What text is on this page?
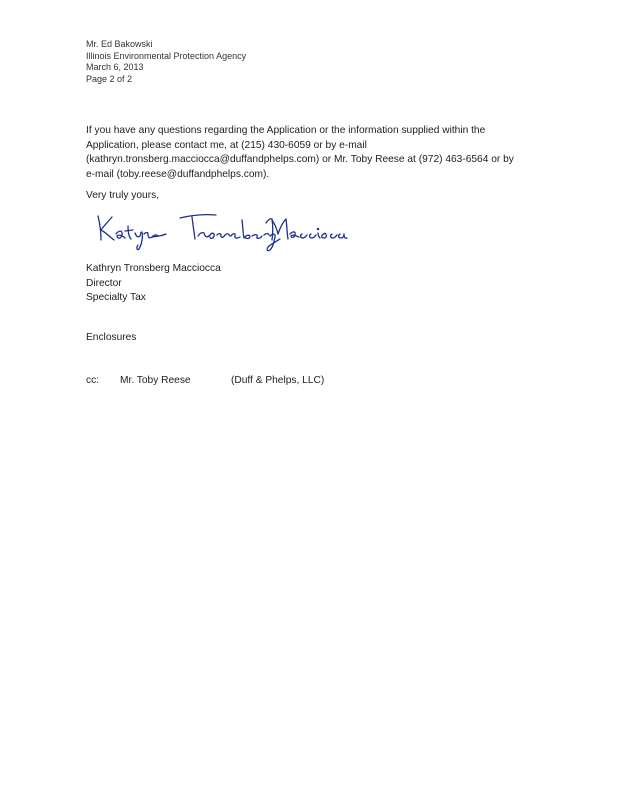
Mr. Ed Bakowski
Illinois Environmental Protection Agency
March 6, 2013
Page 2 of 2
If you have any questions regarding the Application or the information supplied within the
Application, please contact me, at (215) 430-6059 or by e-mail
(kathryn.tronsberg.macciocca@duffandphelps.com) or Mr. Toby Reese at (972) 463-6564 or by
e-mail (toby.reese@duffandphelps.com).
Very truly yours,
Kathryn Tronsberg Macciocca
Director
Specialty Tax
Enclosures
cc: Mr. Toby Reese	(Duff & Phelps, LLC)
